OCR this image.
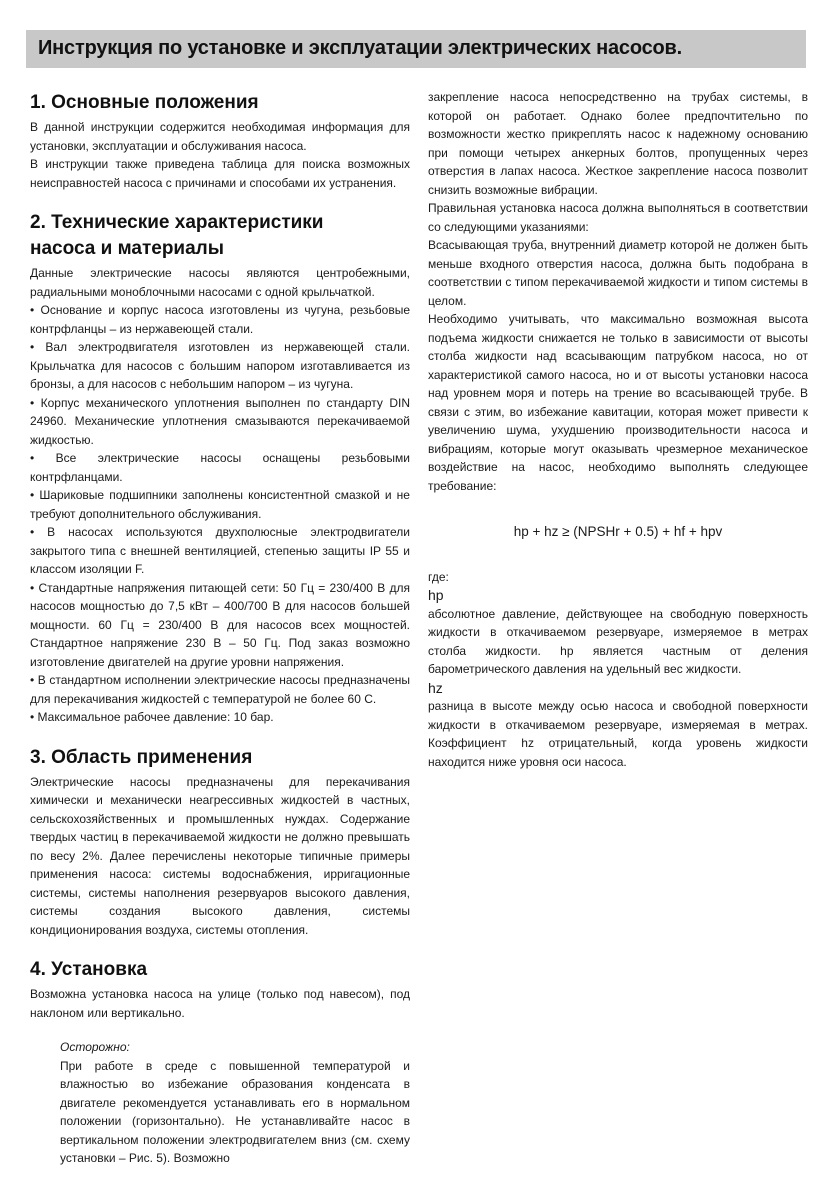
Инструкция по установке и эксплуатации электрических насосов.
1. Основные положения

В данной инструкции содержится необходимая информация для установки, эксплуатации и обслуживания насоса.

В инструкции также приведена таблица для поиска возможных неисправностей насоса с причинами и способами их устранения.

2. Технические характеристики
насоса и материалы

Данные электрические насосы являются центробежными, радиальными моноблочными насосами с одной крыльчаткой.

• Основание и корпус насоса изготовлены из чугуна, резьбовые контрфланцы – из нержавеющей стали.

• Вал электродвигателя изготовлен из нержавеющей стали. Крыльчатка для насосов с большим напором изготавливается из бронзы, а для насосов с небольшим напором – из чугуна.

• Корпус механического уплотнения выполнен по стандарту DIN 24960. Механические уплотнения смазываются перекачиваемой жидкостью.

• Все электрические насосы оснащены резьбовыми контрфланцами.

• Шариковые подшипники заполнены консистентной смазкой и не требуют дополнительного обслуживания.

• В насосах используются двухполюсные электродвигатели закрытого типа с внешней вентиляцией, степенью защиты IP 55 и классом изоляции F.

• Стандартные напряжения питающей сети: 50 Гц = 230/400 В для насосов мощностью до 7,5 кВт – 400/700 В для насосов большей мощности. 60 Гц = 230/400 В для насосов всех мощностей. Стандартное напряжение 230 В – 50 Гц. Под заказ возможно изготовление двигателей на другие уровни напряжения.

• В стандартном исполнении электрические насосы предназначены для перекачивания жидкостей с температурой не более 60 С.

• Максимальное рабочее давление: 10 бар.

3. Область применения

Электрические насосы предназначены для перекачивания химически и механически неагрессивных жидкостей в частных, сельскохозяйственных и промышленных нуждах. Содержание твердых частиц в перекачиваемой жидкости не должно превышать по весу 2%. Далее перечислены некоторые типичные примеры применения насоса: системы водоснабжения, ирригационные системы, системы наполнения резервуаров высокого давления, системы создания высокого давления, системы кондиционирования воздуха, системы отопления.

4. Установка

Возможна установка насоса на улице (только под навесом), под наклоном или вертикально.

Осторожно:

При работе в среде с повышенной температурой и влажностью во избежание образования конденсата в двигателе рекомендуется устанавливать его в нормальном положении (горизонтально). Не устанавливайте насос в вертикальном положении электродвигателем вниз (см. схему установки – Рис. 5). Возможно

закрепление насоса непосредственно на трубах системы, в которой он работает. Однако более предпочтительно по возможности жестко прикреплять насос к надежному основанию при помощи четырех анкерных болтов, пропущенных через отверстия в лапах насоса. Жесткое закрепление насоса позволит снизить возможные вибрации.

Правильная установка насоса должна выполняться в соответствии со следующими указаниями:

Всасывающая труба, внутренний диаметр которой не должен быть меньше входного отверстия насоса, должна быть подобрана в соответствии с типом перекачиваемой жидкости и типом системы в целом.

Необходимо учитывать, что максимально возможная высота подъема жидкости снижается не только в зависимости от высоты столба жидкости над всасывающим патрубком насоса, но от характеристикой самого насоса, но и от высоты установки насоса над уровнем моря и потерь на трение во всасывающей трубе. В связи с этим, во избежание кавитации, которая может привести к увеличению шума, ухудшению производительности насоса и вибрациям, которые могут оказывать чрезмерное механическое воздействие на насос, необходимо выполнять следующее требование:

hp + hz ≥ (NPSHr + 0.5) + hf + hpv

где:

hp

абсолютное давление, действующее на свободную поверхность жидкости в откачиваемом резервуаре, измеряемое в метрах столба жидкости. hp является частным от деления барометрического давления на удельный вес жидкости.

hz

разница в высоте между осью насоса и свободной поверхности жидкости в откачиваемом резервуаре, измеряемая в метрах. Коэффициент hz отрицательный, когда уровень жидкости находится ниже уровня оси насоса.
